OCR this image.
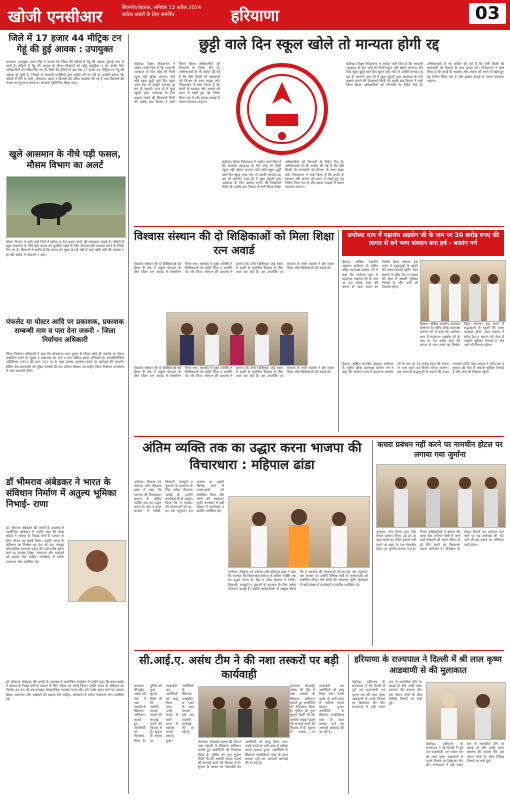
खोजी एनसीआर	बिजनौर/रोहतक, शनिवार 13 अप्रैल 2024
सटीक खबरों के लिए समर्पित	हरियाणा	03
जिले में 17 हजार 44 मीट्रिक टन गेहूं की हुई आवक : उपायुक्त
करनाल। उपायुक्त उत्तम सिंह ने बताया कि जिला की मंडियों में गेहूं की आवक सुचारू रूप से जारी है। मंडियों में गेहूं की आवक के दौरान किसानों को कोई असुविधा न हो, इसके लिए अधिकारियों को निर्देश दिए गए हैं। जिले की मंडियों में अब तक 17 हजार 44 मीट्रिक टन गेहूं की आवक हो चुकी है, जिसमें से सरकारी एजेंसियों द्वारा खरीद की जा रही है। उन्होंने बताया कि मंडियों में पीने के पानी, शौचालय, छाया व बिजली की उचित व्यवस्था की गई है तथा किसानों की फसल का भुगतान समय पर करवाना सुनिश्चित किया जाए।
खुले आसमान के नीचे पड़ी फसल, मौसम विभाग का अलर्ट
मौसम विभाग ने आने वाले दिनों में बारिश व तेज हवाएं चलने की संभावना जताई है। मंडियों में खुले आसमान के नीचे पड़ी फसल को सुरक्षित रखने के लिए तिरपाल की व्यवस्था करने के निर्देश दिए गए हैं। किसानों से अपील है कि फसल को सूखा कर ही मंडी में लाएं ताकि नमी की समस्या न हो और खरीद में परेशानी न आए।
पंफलेट या पोस्टर आदि पर प्रकाशक, प्रकाशक सम्बन्धी नाम व पता देना जरूरी - जिला निर्वाचन अधिकारी
जिला निर्वाचन अधिकारी ने कहा कि लोकसभा आम चुनाव के दौरान कोई भी पंफलेट या पोस्टर प्रकाशित करने पर मुद्रक व प्रकाशक का नाम व पता अंकित करना अनिवार्य है। जनप्रतिनिधित्व अधिनियम 1951 की धारा 127 क के तहत इसका उल्लंघन करने पर कार्रवाई की जाएगी। प्रिंटिंग प्रेस संचालकों को मुद्रित सामग्री की चार प्रतियां घोषणा पत्र सहित जिला निर्वाचन कार्यालय में जमा करवानी होंगी।
डॉ भीमराव अंबेडकर ने भारत के संविधान निर्माण में अतुल्य भूमिका निभाई- राणा
डॉ. भीमराव अंबेडकर की जयंती के उपलक्ष्य में आयोजित कार्यक्रम में उन्होंने कहा कि बाबा साहेब ने समाज के पिछड़े वर्गों के उत्थान के लिए जीवन भर संघर्ष किया। उन्होंने भारत के संविधान का निर्माण कर देश को एक मजबूत लोकतांत्रिक व्यवस्था प्रदान की। हमें उनके बताए मार्ग पर चलकर शिक्षा, समानता और भाईचारे को बढ़ावा देना चाहिए। कार्यक्रम में अनेक गणमान्य लोग उपस्थित रहे।
डॉ. भीमराव अंबेडकर की जयंती के उपलक्ष्य में आयोजित कार्यक्रम में उन्होंने कहा कि बाबा साहेब ने समाज के पिछड़े वर्गों के उत्थान के लिए जीवन भर संघर्ष किया। उन्होंने भारत के संविधान का निर्माण कर देश को एक मजबूत लोकतांत्रिक व्यवस्था प्रदान की। हमें उनके बताए मार्ग पर चलकर शिक्षा, समानता और भाईचारे को बढ़ावा देना चाहिए। कार्यक्रम में अनेक गणमान्य लोग उपस्थित रहे।
छुट्टी वाले दिन स्कूल खोले तो मान्यता होगी रद्द
चंडीगढ़। शिक्षा निदेशालय ने आदेश जारी किए हैं कि सरकारी अवकाश के दिन कोई भी निजी स्कूल नहीं खोला जाएगा। यदि कोई स्कूल छुट्टी वाले दिन खुला पाया गया तो उसकी मान्यता रद्द कर दी जाएगी। हाल ही में कुछ स्कूलों द्वारा अवकाश के दिन कक्षाएं लगाने की शिकायतें मिली थीं। इसके बाद विभाग ने सभी जिला शिक्षा अधिकारियों को निगरानी के निर्देश दिए हैं। अभिभावकों से भी अपील की गई है कि ऐसी किसी भी जानकारी को विभाग के साथ साझा करें। निदेशालय ने स्पष्ट किया है कि बच्चों के स्वास्थ्य और आराम को ध्यान में रखते हुए यह निर्णय लिया गया है और इसका कड़ाई से पालन करवाया जाएगा।
चंडीगढ़। शिक्षा निदेशालय ने आदेश जारी किए हैं कि सरकारी अवकाश के दिन कोई भी निजी स्कूल नहीं खोला जाएगा। यदि कोई स्कूल छुट्टी वाले दिन खुला पाया गया तो उसकी मान्यता रद्द कर दी जाएगी। हाल ही में कुछ स्कूलों द्वारा अवकाश के दिन कक्षाएं लगाने की शिकायतें मिली थीं। इसके बाद विभाग ने सभी जिला शिक्षा अधिकारियों को निगरानी के निर्देश दिए हैं। अभिभावकों से भी अपील की गई है कि ऐसी किसी भी जानकारी को विभाग के साथ साझा करें। निदेशालय ने स्पष्ट किया है कि बच्चों के स्वास्थ्य और आराम को ध्यान में रखते हुए यह निर्णय लिया गया है और इसका कड़ाई से पालन करवाया जाएगा।
चंडीगढ़। शिक्षा निदेशालय ने आदेश जारी किए हैं कि सरकारी अवकाश के दिन कोई भी निजी स्कूल नहीं खोला जाएगा। यदि कोई स्कूल छुट्टी वाले दिन खुला पाया गया तो उसकी मान्यता रद्द कर दी जाएगी। हाल ही में कुछ स्कूलों द्वारा अवकाश के दिन कक्षाएं लगाने की शिकायतें मिली थीं। इसके बाद विभाग ने सभी जिला शिक्षा अधिकारियों को निगरानी के निर्देश दिए हैं। अभिभावकों से भी अपील की गई है कि ऐसी किसी भी जानकारी को विभाग के साथ साझा करें। निदेशालय ने स्पष्ट किया है कि बच्चों के स्वास्थ्य और आराम को ध्यान में रखते हुए यह निर्णय लिया गया है और इसका कड़ाई से पालन करवाया जाएगा।
विश्वास संस्थान की दो शिक्षिकाओं को मिला शिक्षा रत्न अवार्ड
विश्वास संस्थान की दो शिक्षिकाओं को शिक्षा के क्षेत्र में उत्कृष्ट योगदान के लिए शिक्षा रत्न अवार्ड से सम्मानित किया गया। समारोह में मुख्य अतिथि ने शिक्षिकाओं को स्मृति चिन्ह व प्रशस्ति पत्र भेंट किए। संस्थान की प्राचार्या ने बताया कि दोनों शिक्षिकाएं लंबे समय से बच्चों के सर्वांगीण विकास के लिए कार्य कर रही हैं। इस उपलब्धि पर संस्थान के सभी सदस्यों ने हर्ष व्यक्त किया और शिक्षिकाओं को बधाई दी।
विश्वास संस्थान की दो शिक्षिकाओं को शिक्षा के क्षेत्र में उत्कृष्ट योगदान के लिए शिक्षा रत्न अवार्ड से सम्मानित किया गया। समारोह में मुख्य अतिथि ने शिक्षिकाओं को स्मृति चिन्ह व प्रशस्ति पत्र भेंट किए। संस्थान की प्राचार्या ने बताया कि दोनों शिक्षिकाएं लंबे समय से बच्चों के सर्वांगीण विकास के लिए कार्य कर रही हैं। इस उपलब्धि पर संस्थान के सभी सदस्यों ने हर्ष व्यक्त किया और शिक्षिकाओं को बधाई दी।
अयोध्या धाम में महासंघ अग्रसेन जी के नाम पर 30 करोड़ रुपए की लागत से बने भव्य संस्थान बना हर्ष - बजरंग गर्ग
हिसार। अखिल भारतीय अग्रवाल सम्मेलन के राष्ट्रीय वरिष्ठ उपाध्यक्ष बजरंग गर्ग ने कहा कि अयोध्या धाम में महाराजा अग्रसेन जी के नाम पर 30 करोड़ रुपए की लागत से भव्य भवन का निर्माण किया जाएगा। इस भवन में श्रद्धालुओं के ठहरने की उत्तम व्यवस्था होगी। वैश्य समाज ने सदैव देश व समाज की सेवा में अग्रणी भूमिका निभाई है और आगे भी निभाता रहेगा।
हिसार। अखिल भारतीय अग्रवाल सम्मेलन के राष्ट्रीय वरिष्ठ उपाध्यक्ष बजरंग गर्ग ने कहा कि अयोध्या धाम में महाराजा अग्रसेन जी के नाम पर 30 करोड़ रुपए की लागत से भव्य भवन का निर्माण किया जाएगा। इस भवन में श्रद्धालुओं के ठहरने की उत्तम व्यवस्था होगी। वैश्य समाज ने सदैव देश व समाज की सेवा में अग्रणी भूमिका निभाई है और आगे भी निभाता रहेगा।
हिसार। अखिल भारतीय अग्रवाल सम्मेलन के राष्ट्रीय वरिष्ठ उपाध्यक्ष बजरंग गर्ग ने कहा कि अयोध्या धाम में महाराजा अग्रसेन जी के नाम पर 30 करोड़ रुपए की लागत से भव्य भवन का निर्माण किया जाएगा। इस भवन में श्रद्धालुओं के ठहरने की उत्तम व्यवस्था होगी। वैश्य समाज ने सदैव देश व समाज की सेवा में अग्रणी भूमिका निभाई है और आगे भी निभाता रहेगा।
अंतिम व्यक्ति तक का उद्धार करना भाजपा की विचारधारा : महिपाल ढांडा
पानीपत। विकास एवं पंचायत मंत्री महिपाल ढांडा ने कहा कि भाजपा की विचारधारा समाज के अंतिम व्यक्ति तक का उद्धार करना है। केंद्र व प्रदेश सरकार ने गरीबों, किसानों, मजदूरों व युवाओं के कल्याण के लिए अनेक योजनाएं चलाई हैं। उन्होंने कार्यकर्ताओं से आह्वान किया कि वे सरकार की योजनाओं को घर-घर तक पहुंचाएं। इस अवसर पर उन्होंने विभिन्न गांवों में जनसभाओं को संबोधित किया और लोगों की समस्याएं सुनीं। कार्यक्रम में बड़ी संख्या में कार्यकर्ता व ग्रामीण उपस्थित रहे।
पानीपत। विकास एवं पंचायत मंत्री महिपाल ढांडा ने कहा कि भाजपा की विचारधारा समाज के अंतिम व्यक्ति तक का उद्धार करना है। केंद्र व प्रदेश सरकार ने गरीबों, किसानों, मजदूरों व युवाओं के कल्याण के लिए अनेक योजनाएं चलाई हैं। उन्होंने कार्यकर्ताओं से आह्वान किया कि वे सरकार की योजनाओं को घर-घर तक पहुंचाएं। इस अवसर पर उन्होंने विभिन्न गांवों में जनसभाओं को संबोधित किया और लोगों की समस्याएं सुनीं। कार्यक्रम में बड़ी संख्या में कार्यकर्ता व ग्रामीण उपस्थित रहे।
कचरा प्रबंधन नहीं करने पर नामचीन होटल पर लगाया गया जुर्माना
गुरुग्राम। नगर निगम द्वारा ठोस कचरा प्रबंधन नियम 2016 के तहत कचरे का उचित प्रबंधन नहीं करने पर शहर के एक नामचीन होटल पर जुर्माना लगाया गया है। निगम अधिकारियों ने बताया कि बल्क वेस्ट जनरेटर श्रेणी में आने वाले संस्थानों को अपने परिसर में ही गीले कचरे का निस्तारण करना अनिवार्य है। निरीक्षण के दौरान नियमों का उल्लंघन पाए जाने पर यह कार्रवाई की गई। आगे भी इस प्रकार का अभियान जारी रहेगा।
सी.आई.ए. असंध टीम ने की नशा तस्करों पर बड़ी कार्यवाही
करनाल। सीआईए असंध की टीम ने नशा तस्करी के खिलाफ अभियान चलाते हुए आरोपियों को गिरफ्तार किया है। पुलिस को गुप्त सूचना मिली थी कि आरोपी मादक पदार्थ की सप्लाई करने की फिराक में हैं। सूचना के आधार पर नाकाबंदी कर आरोपियों को काबू किया गया। उनके कब्जे से भारी मात्रा में नशीला पदार्थ बरामद हुआ। आरोपियों के खिलाफ एनडीपीएस एक्ट के तहत मामला दर्ज कर आगामी कार्रवाई की जा रही है।
करनाल। सीआईए असंध की टीम ने नशा तस्करी के खिलाफ अभियान चलाते हुए आरोपियों को गिरफ्तार किया है। पुलिस को गुप्त सूचना मिली थी कि आरोपी मादक पदार्थ की सप्लाई करने की फिराक में हैं। सूचना के आधार पर नाकाबंदी कर आरोपियों को काबू किया गया। उनके कब्जे से भारी मात्रा में नशीला पदार्थ बरामद हुआ। आरोपियों के खिलाफ एनडीपीएस एक्ट के तहत मामला दर्ज कर आगामी कार्रवाई की जा रही है।
करनाल। सीआईए असंध की टीम ने नशा तस्करी के खिलाफ अभियान चलाते हुए आरोपियों को गिरफ्तार किया है। पुलिस को गुप्त सूचना मिली थी कि आरोपी मादक पदार्थ की सप्लाई करने की फिराक में हैं। सूचना के आधार पर नाकाबंदी कर आरोपियों को काबू किया गया। उनके कब्जे से भारी मात्रा में नशीला पदार्थ बरामद हुआ। आरोपियों के खिलाफ एनडीपीएस एक्ट के तहत मामला दर्ज कर आगामी कार्रवाई की जा रही है।
हरियाणा के राज्यपाल ने दिल्ली में श्री लाल कृष्ण आडवाणी से की मुलाकात
चंडीगढ़। हरियाणा के राज्यपाल ने नई दिल्ली में पूर्व उप प्रधानमंत्री एवं भारत रत्न श्री लाल कृष्ण आडवाणी से उनके निवास पर शिष्टाचार भेंट की। राज्यपाल ने उन्हें भारत रत्न से सम्मानित होने पर बधाई दी और उनके उत्तम स्वास्थ्य की कामना की। इस दौरान दोनों के बीच विभिन्न विषयों पर चर्चा हुई।
चंडीगढ़। हरियाणा के राज्यपाल ने नई दिल्ली में पूर्व उप प्रधानमंत्री एवं भारत रत्न श्री लाल कृष्ण आडवाणी से उनके निवास पर शिष्टाचार भेंट की। राज्यपाल ने उन्हें भारत रत्न से सम्मानित होने पर बधाई दी और उनके उत्तम स्वास्थ्य की कामना की। इस दौरान दोनों के बीच विभिन्न विषयों पर चर्चा हुई।
